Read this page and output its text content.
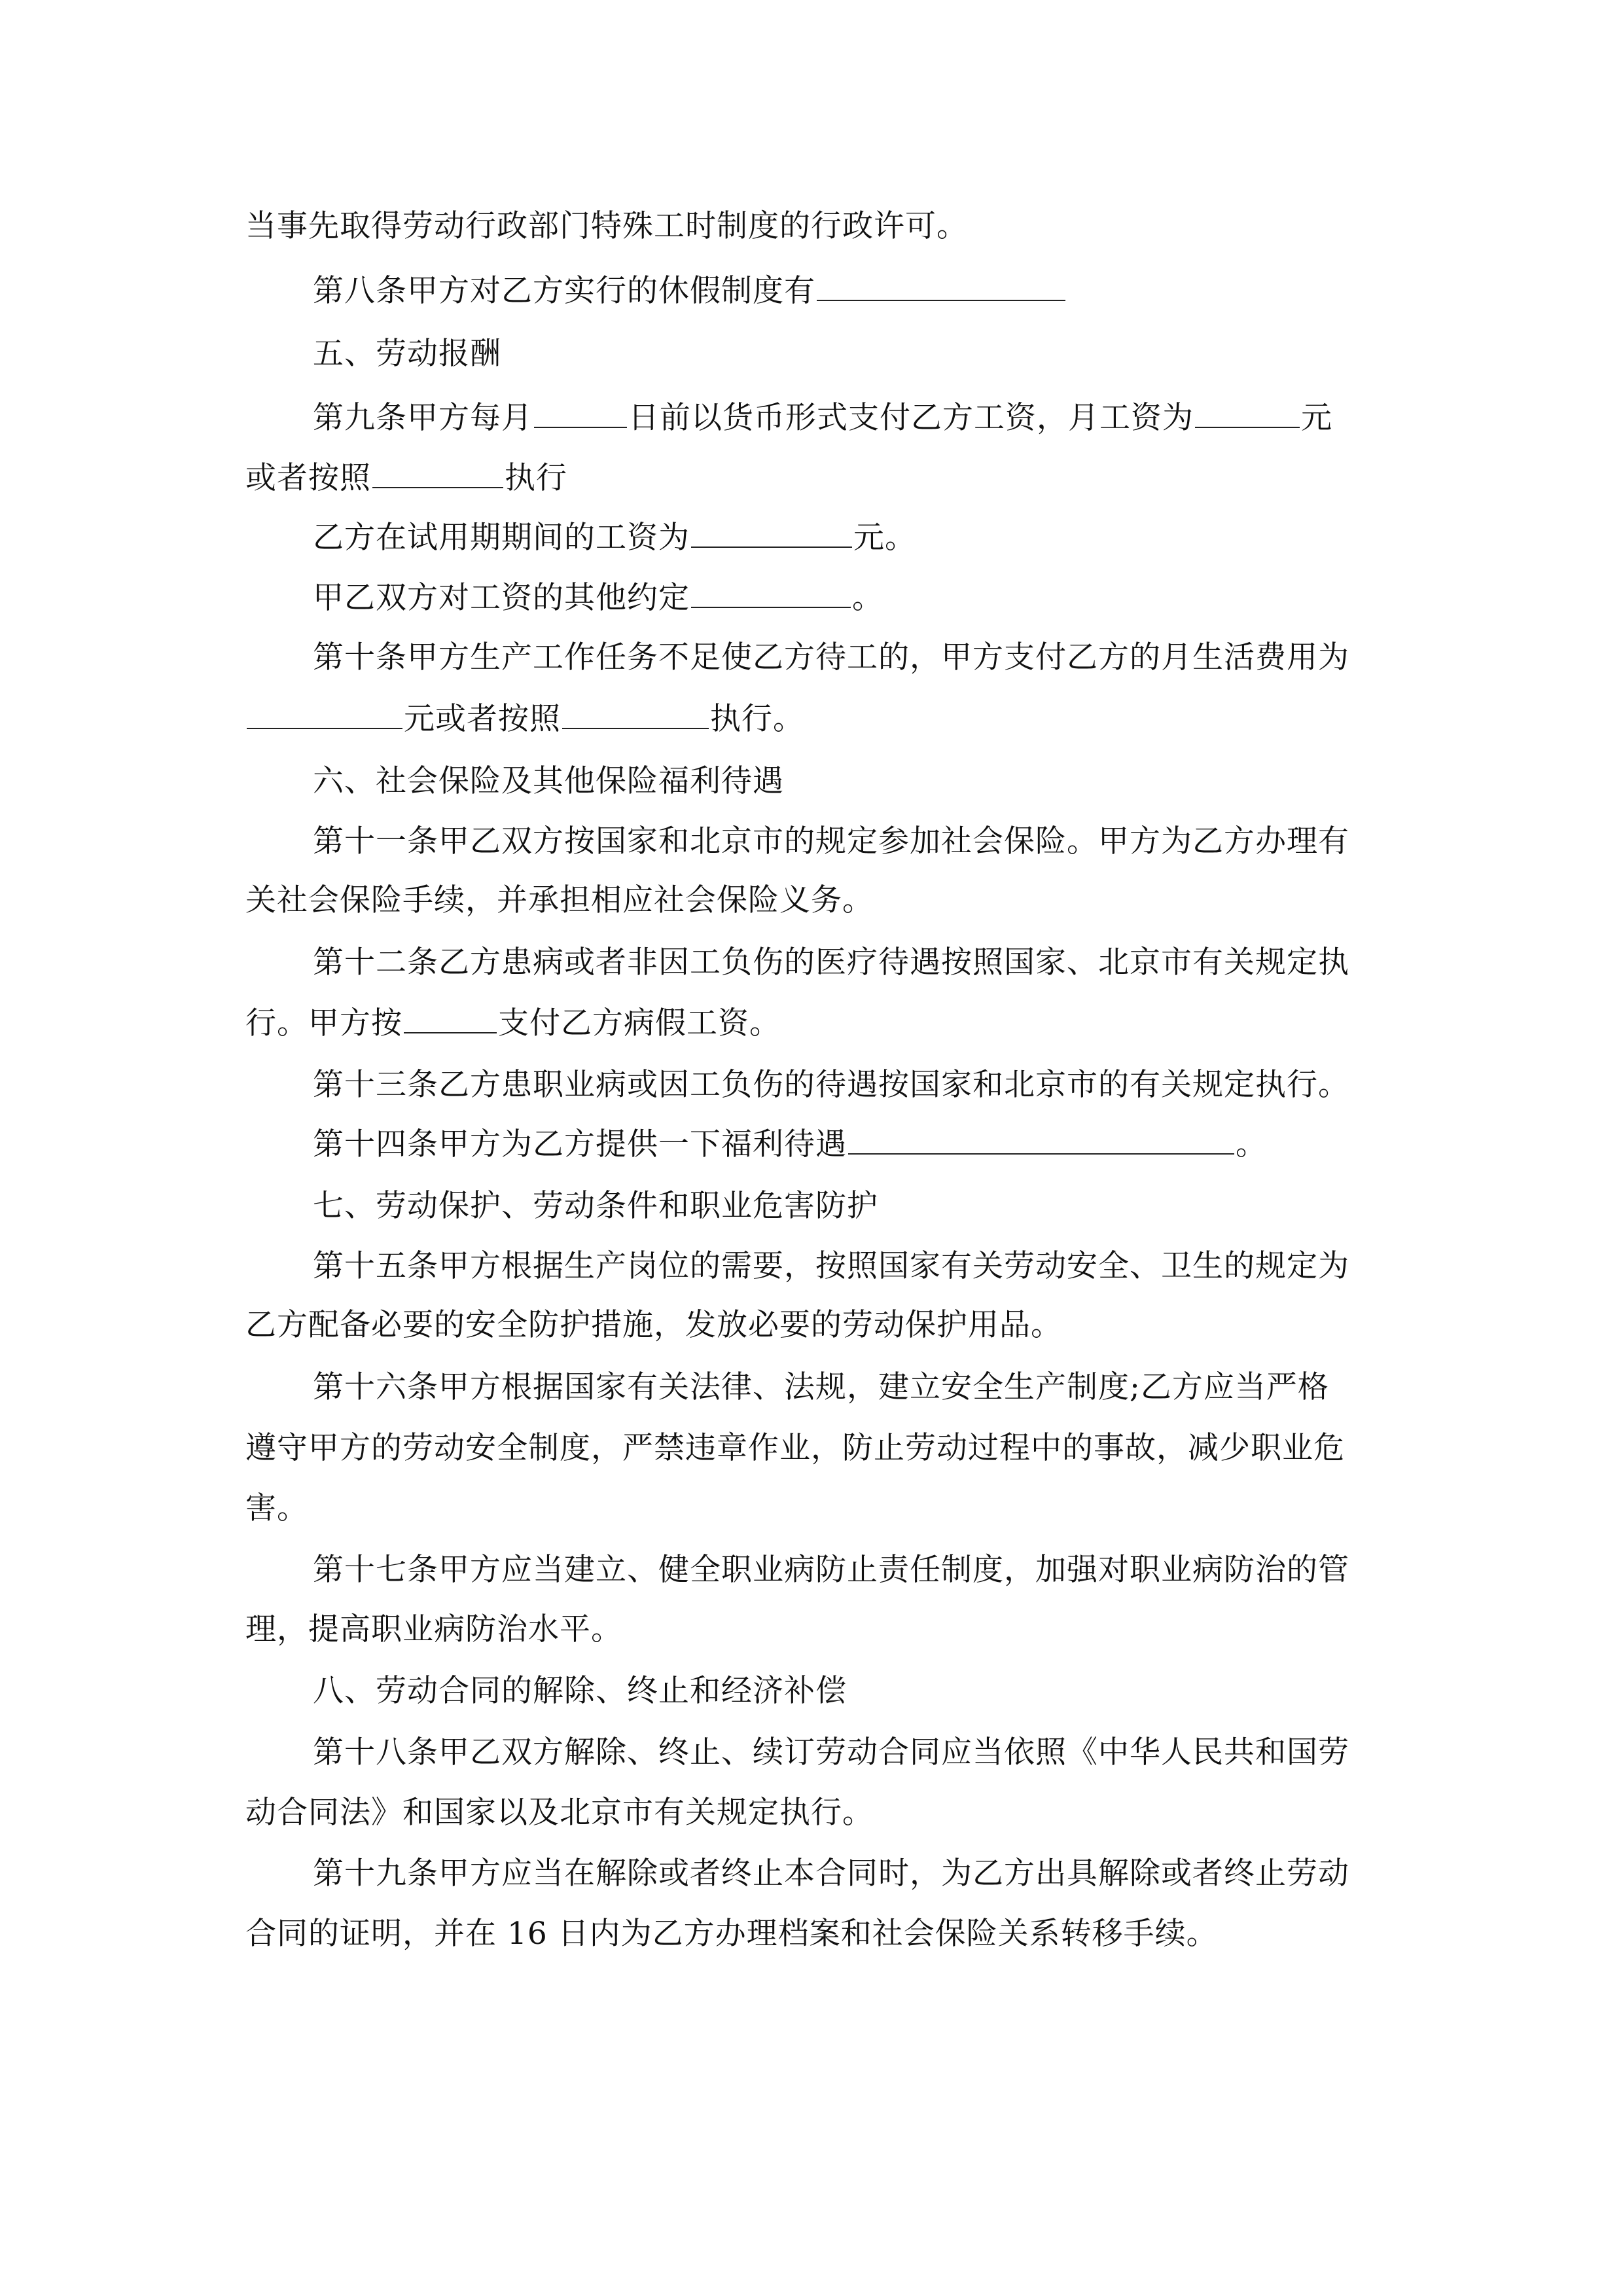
当事先取得劳动行政部门特殊工时制度的行政许可。
第八条甲方对乙方实行的休假制度有
五、劳动报酬
第九条甲方每月	日前以货币形式支付乙方工资，月工资为	元
或者按照	执行
乙方在试用期期间的工资为	元。
甲乙双方对工资的其他约定	。
第十条甲方生产工作任务不足使乙方待工的，甲方支付乙方的月生活费用为
元或者按照	执行。
六、社会保险及其他保险福利待遇
第十一条甲乙双方按国家和北京市的规定参加社会保险。甲方为乙方办理有
关社会保险手续，并承担相应社会保险义务。
第十二条乙方患病或者非因工负伤的医疗待遇按照国家、北京市有关规定执
行。甲方按	支付乙方病假工资。
第十三条乙方患职业病或因工负伤的待遇按国家和北京市的有关规定执行。
第十四条甲方为乙方提供一下福利待遇	。
七、劳动保护、劳动条件和职业危害防护
第十五条甲方根据生产岗位的需要，按照国家有关劳动安全、卫生的规定为
乙方配备必要的安全防护措施，发放必要的劳动保护用品。
第十六条甲方根据国家有关法律、法规，建立安全生产制度;乙方应当严格
遵守甲方的劳动安全制度，严禁违章作业，防止劳动过程中的事故，减少职业危
害。
第十七条甲方应当建立、健全职业病防止责任制度，加强对职业病防治的管
理，提高职业病防治水平。
八、劳动合同的解除、终止和经济补偿
第十八条甲乙双方解除、终止、续订劳动合同应当依照《中华人民共和国劳
动合同法》和国家以及北京市有关规定执行。
第十九条甲方应当在解除或者终止本合同时，为乙方出具解除或者终止劳动
合同的证明，并在 16 日内为乙方办理档案和社会保险关系转移手续。
